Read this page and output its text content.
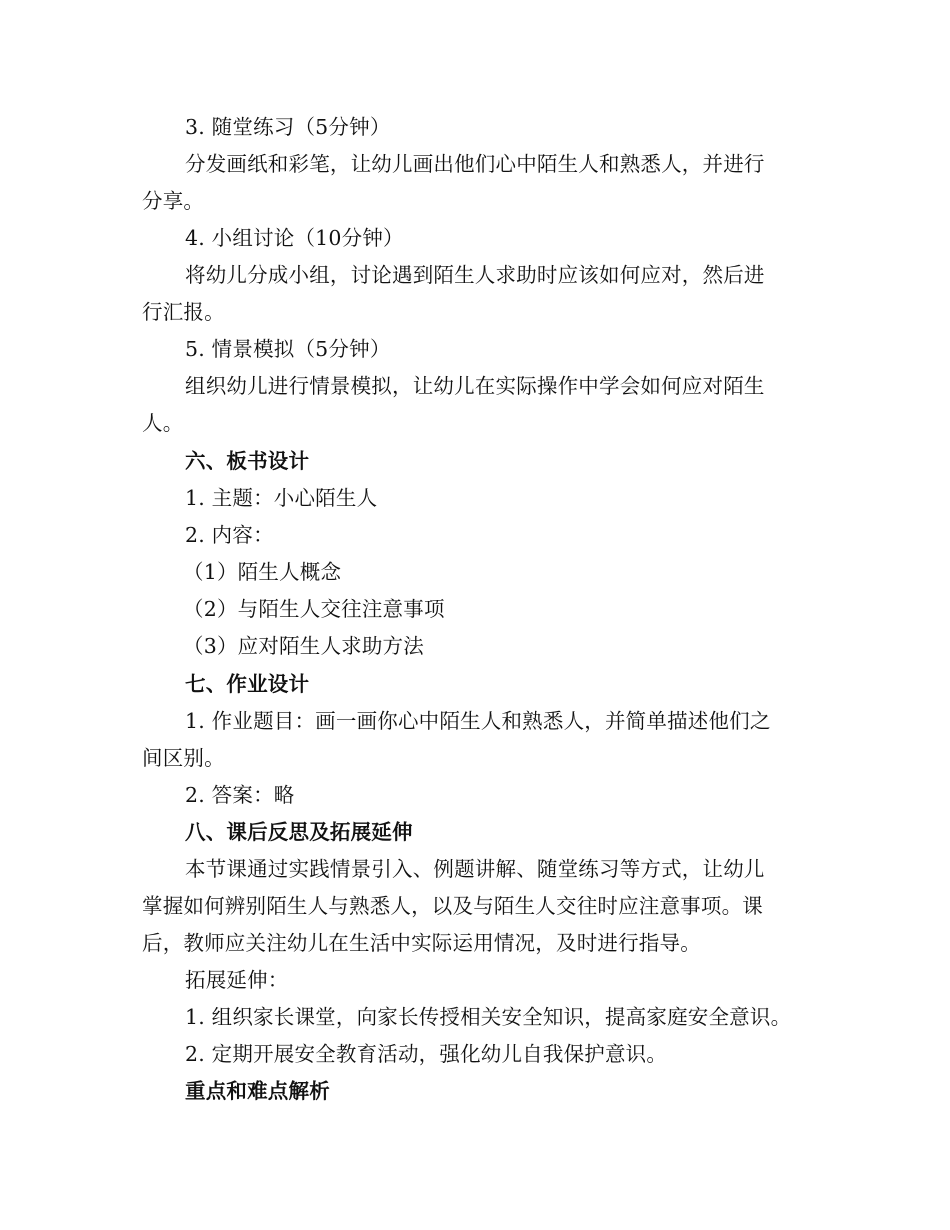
3. 随堂练习（5分钟）
分发画纸和彩笔，让幼儿画出他们心中陌生人和熟悉人，并进行
分享。
4. 小组讨论（10分钟）
将幼儿分成小组，讨论遇到陌生人求助时应该如何应对，然后进
行汇报。
5. 情景模拟（5分钟）
组织幼儿进行情景模拟，让幼儿在实际操作中学会如何应对陌生
人。
六、板书设计
1. 主题：小心陌生人
2. 内容：
（1）陌生人概念
（2）与陌生人交往注意事项
（3）应对陌生人求助方法
七、作业设计
1. 作业题目：画一画你心中陌生人和熟悉人，并简单描述他们之
间区别。
2. 答案：略
八、课后反思及拓展延伸
本节课通过实践情景引入、例题讲解、随堂练习等方式，让幼儿
掌握如何辨别陌生人与熟悉人，以及与陌生人交往时应注意事项。课
后，教师应关注幼儿在生活中实际运用情况，及时进行指导。
拓展延伸：
1. 组织家长课堂，向家长传授相关安全知识，提高家庭安全意识。
2. 定期开展安全教育活动，强化幼儿自我保护意识。
重点和难点解析
